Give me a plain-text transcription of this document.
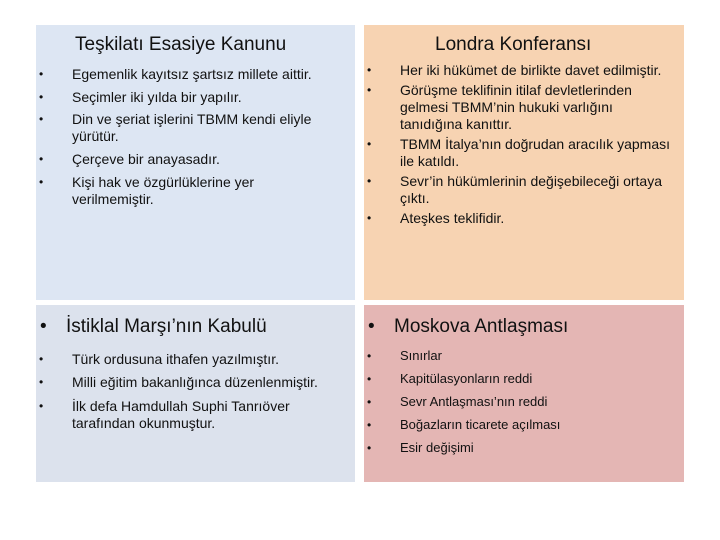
Teşkilatı Esasiye Kanunu
• Egemenlik kayıtsız şartsız millete aittir.
• Seçimler iki yılda bir yapılır.
• Din ve şeriat işlerini TBMM kendi eliyle yürütür.
• Çerçeve bir anayasadır.
• Kişi hak ve özgürlüklerine yer verilmemiştir.
Londra Konferansı
• Her iki hükümet de birlikte davet edilmiştir.
• Görüşme teklifinin itilaf devletlerinden gelmesi TBMM’nin hukuki varlığını tanıdığına kanıttır.
• TBMM İtalya’nın doğrudan aracılık yapması ile katıldı.
• Sevr’in hükümlerinin değişebileceği ortaya çıktı.
• Ateşkes teklifidir.
• İstiklal Marşı’nın Kabulü
• Türk ordusuna ithafen yazılmıştır.
• Milli eğitim bakanlığınca düzenlenmiştir.
• İlk defa Hamdullah Suphi Tanrıöver tarafından okunmuştur.
• Moskova Antlaşması
• Sınırlar
• Kapitülasyonların reddi
• Sevr Antlaşması’nın reddi
• Boğazların ticarete açılması
• Esir değişimi
